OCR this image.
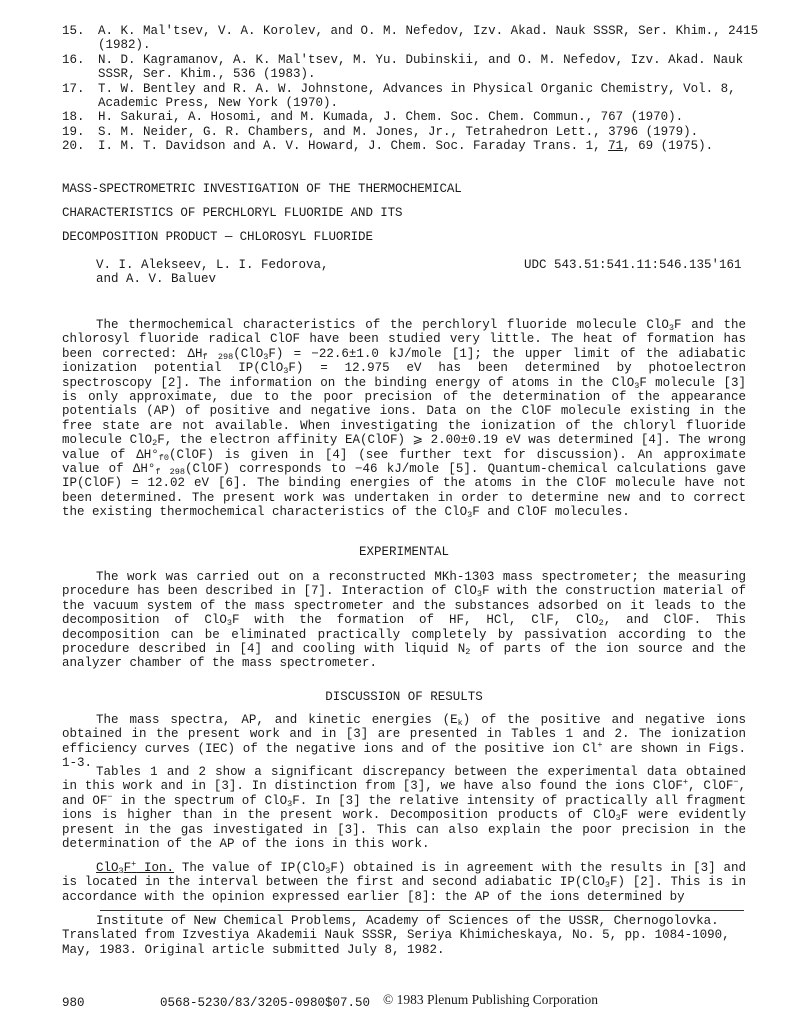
15.	A. K. Mal'tsev, V. A. Korolev, and O. M. Nefedov, Izv. Akad. Nauk SSSR, Ser. Khim., 2415 (1982).
16.	N. D. Kagramanov, A. K. Mal'tsev, M. Yu. Dubinskii, and O. M. Nefedov, Izv. Akad. Nauk SSSR, Ser. Khim., 536 (1983).
17.	T. W. Bentley and R. A. W. Johnstone, Advances in Physical Organic Chemistry, Vol. 8, Academic Press, New York (1970).
18.	H. Sakurai, A. Hosomi, and M. Kumada, J. Chem. Soc. Chem. Commun., 767 (1970).
19.	S. M. Neider, G. R. Chambers, and M. Jones, Jr., Tetrahedron Lett., 3796 (1979).
20.	I. M. T. Davidson and A. V. Howard, J. Chem. Soc. Faraday Trans. 1, 71, 69 (1975).
MASS-SPECTROMETRIC INVESTIGATION OF THE THERMOCHEMICAL
CHARACTERISTICS OF PERCHLORYL FLUORIDE AND ITS
DECOMPOSITION PRODUCT — CHLOROSYL FLUORIDE
V. I. Alekseev, L. I. Fedorova,
and A. V. Baluev
UDC 543.51:541.11:546.135'161

The thermochemical characteristics of the perchloryl fluoride molecule ClO$_3$F and the chlorosyl fluoride radical ClOF have been studied very little. The heat of formation has been corrected: $\Delta H_f$ $_{298}$(ClO$_3$F) = −22.6±1.0 kJ/mole [1]; the upper limit of the adiabatic ionization potential IP(ClO$_3$F) = 12.975 eV has been determined by photoelectron spectroscopy [2]. The information on the binding energy of atoms in the ClO$_3$F molecule [3] is only approximate, due to the poor precision of the determination of the appearance potentials (AP) of positive and negative ions. Data on the ClOF molecule existing in the free state are not available. When investigating the ionization of the chloryl fluoride molecule ClO$_2$F, the electron affinity EA(ClOF) ⩾ 2.00±0.19 eV was determined [4]. The wrong value of $\Delta H^\circ_{f0}(ClOF)$ is given in [4] (see further text for discussion). An approximate value of $\Delta H^\circ_f$ $_{298}$(ClOF) corresponds to −46 kJ/mole [5]. Quantum-chemical calculations gave IP(ClOF) = 12.02 eV [6]. The binding energies of the atoms in the ClOF molecule have not been determined. The present work was undertaken in order to determine new and to correct the existing thermochemical characteristics of the ClO$_3$F and ClOF molecules.

EXPERIMENTAL

The work was carried out on a reconstructed MKh-1303 mass spectrometer; the measuring procedure has been described in [7]. Interaction of ClO$_3$F with the construction material of the vacuum system of the mass spectrometer and the substances adsorbed on it leads to the decomposition of ClO$_3$F with the formation of HF, HCl, ClF, ClO$_2$, and ClOF. This decomposition can be eliminated practically completely by passivation according to the procedure described in [4] and cooling with liquid $N_2$ of parts of the ion source and the analyzer chamber of the mass spectrometer.

DISCUSSION OF RESULTS

The mass spectra, AP, and kinetic energies $(E_k)$ of the positive and negative ions obtained in the present work and in [3] are presented in Tables 1 and 2. The ionization efficiency curves (IEC) of the negative ions and of the positive ion Cl+ are shown in Figs. 1-3.

Tables 1 and 2 show a significant discrepancy between the experimental data obtained in this work and in [3]. In distinction from [3], we have also found the ions ClOF+, ClOF−, and OF− in the spectrum of ClO$_3$F. In [3] the relative intensity of practically all fragment ions is higher than in the present work. Decomposition products of ClO$_3$F were evidently present in the gas investigated in [3]. This can also explain the poor precision in the determination of the AP of the ions in this work.

ClO$_3$F+ Ion. The value of IP(ClO$_3$F) obtained is in agreement with the results in [3] and is located in the interval between the first and second adiabatic IP(ClO$_3$F) [2]. This is in accordance with the opinion expressed earlier [8]: the AP of the ions determined by

Institute of New Chemical Problems, Academy of Sciences of the USSR, Chernogolovka.

Translated from Izvestiya Akademii Nauk SSSR, Seriya Khimicheskaya, No. 5, pp. 1084-1090, May, 1983. Original article submitted July 8, 1982.

980	0568-5230/83/3205-0980$07.50 © 1983 Plenum Publishing Corporation
